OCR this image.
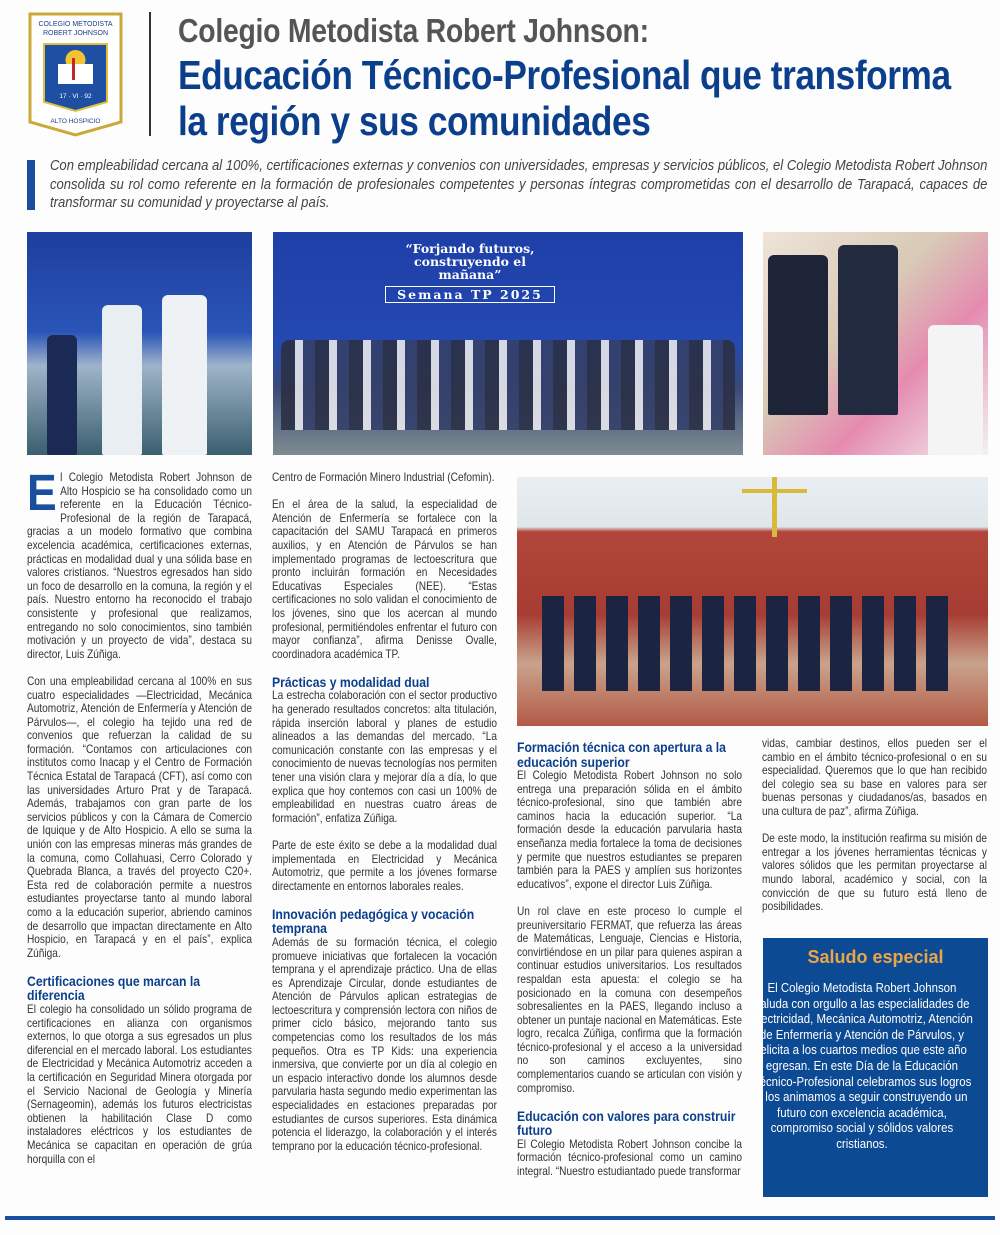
COLEGIO METODISTA
ROBERT JOHNSON
17 · VI · 92
ALTO HOSPICIO
Colegio Metodista Robert Johnson:
Educación Técnico-Profesional que transforma
la región y sus comunidades
Con empleabilidad cercana al 100%, certificaciones externas y convenios con universidades, empresas y servicios públicos, el Colegio Metodista Robert Johnson consolida su rol como referente en la formación de profesionales competentes y personas íntegras comprometidas con el desarrollo de Tarapacá, capaces de transformar su comunidad y proyectarse al país.
“Forjando futuros,
construyendo el mañana”
Semana TP 2025

El Colegio Metodista Robert Johnson de Alto Hospicio se ha consolidado como un referente en la Educación Técnico-Profesional de la región de Tarapacá, gracias a un modelo formativo que combina excelencia académica, certificaciones externas, prácticas en modalidad dual y una sólida base en valores cristianos. “Nuestros egresados han sido un foco de desarrollo en la comuna, la región y el país. Nuestro entorno ha reconocido el trabajo consistente y profesional que realizamos, entregando no solo conocimientos, sino también motivación y un proyecto de vida”, destaca su director, Luis Zúñiga.

Con una empleabilidad cercana al 100% en sus cuatro especialidades —Electricidad, Mecánica Automotriz, Atención de Enfermería y Atención de Párvulos—, el colegio ha tejido una red de convenios que refuerzan la calidad de su formación. “Contamos con articulaciones con institutos como Inacap y el Centro de Formación Técnica Estatal de Tarapacá (CFT), así como con las universidades Arturo Prat y de Tarapacá. Además, trabajamos con gran parte de los servicios públicos y con la Cámara de Comercio de Iquique y de Alto Hospicio. A ello se suma la unión con las empresas mineras más grandes de la comuna, como Collahuasi, Cerro Colorado y Quebrada Blanca, a través del proyecto C20+. Esta red de colaboración permite a nuestros estudiantes proyectarse tanto al mundo laboral como a la educación superior, abriendo caminos de desarrollo que impactan directamente en Alto Hospicio, en Tarapacá y en el país”, explica Zúñiga.

Certificaciones que marcan la diferencia

El colegio ha consolidado un sólido programa de certificaciones en alianza con organismos externos, lo que otorga a sus egresados un plus diferencial en el mercado laboral. Los estudiantes de Electricidad y Mecánica Automotriz acceden a la certificación en Seguridad Minera otorgada por el Servicio Nacional de Geología y Minería (Sernageomin), además los futuros electricistas obtienen la habilitación Clase D como instaladores eléctricos y los estudiantes de Mecánica se capacitan en operación de grúa horquilla con el

Centro de Formación Minero Industrial (Cefomin).

En el área de la salud, la especialidad de Atención de Enfermería se fortalece con la capacitación del SAMU Tarapacá en primeros auxilios, y en Atención de Párvulos se han implementado programas de lectoescritura que pronto incluirán formación en Necesidades Educativas Especiales (NEE). “Estas certificaciones no solo validan el conocimiento de los jóvenes, sino que los acercan al mundo profesional, permitiéndoles enfrentar el futuro con mayor confianza”, afirma Denisse Ovalle, coordinadora académica TP.

Prácticas y modalidad dual

La estrecha colaboración con el sector productivo ha generado resultados concretos: alta titulación, rápida inserción laboral y planes de estudio alineados a las demandas del mercado. “La comunicación constante con las empresas y el conocimiento de nuevas tecnologías nos permiten tener una visión clara y mejorar día a día, lo que explica que hoy contemos con casi un 100% de empleabilidad en nuestras cuatro áreas de formación”, enfatiza Zúñiga.

Parte de este éxito se debe a la modalidad dual implementada en Electricidad y Mecánica Automotriz, que permite a los jóvenes formarse directamente en entornos laborales reales.

Innovación pedagógica y vocación temprana

Además de su formación técnica, el colegio promueve iniciativas que fortalecen la vocación temprana y el aprendizaje práctico. Una de ellas es Aprendizaje Circular, donde estudiantes de Atención de Párvulos aplican estrategias de lectoescritura y comprensión lectora con niños de primer ciclo básico, mejorando tanto sus competencias como los resultados de los más pequeños. Otra es TP Kids: una experiencia inmersiva, que convierte por un día al colegio en un espacio interactivo donde los alumnos desde parvularia hasta segundo medio experimentan las especialidades en estaciones preparadas por estudiantes de cursos superiores. Esta dinámica potencia el liderazgo, la colaboración y el interés temprano por la educación técnico-profesional.

Formación técnica con apertura a la educación superior

El Colegio Metodista Robert Johnson no solo entrega una preparación sólida en el ámbito técnico-profesional, sino que también abre caminos hacia la educación superior. “La formación desde la educación parvularia hasta enseñanza media fortalece la toma de decisiones y permite que nuestros estudiantes se preparen también para la PAES y amplíen sus horizontes educativos”, expone el director Luis Zúñiga.

Un rol clave en este proceso lo cumple el preuniversitario FERMAT, que refuerza las áreas de Matemáticas, Lenguaje, Ciencias e Historia, convirtiéndose en un pilar para quienes aspiran a continuar estudios universitarios. Los resultados respaldan esta apuesta: el colegio se ha posicionado en la comuna con desempeños sobresalientes en la PAES, llegando incluso a obtener un puntaje nacional en Matemáticas. Este logro, recalca Zúñiga, confirma que la formación técnico-profesional y el acceso a la universidad no son caminos excluyentes, sino complementarios cuando se articulan con visión y compromiso.

Educación con valores para construir futuro

El Colegio Metodista Robert Johnson concibe la formación técnico-profesional como un camino integral. “Nuestro estudiantado puede transformar

vidas, cambiar destinos, ellos pueden ser el cambio en el ámbito técnico-profesional o en su especialidad. Queremos que lo que han recibido del colegio sea su base en valores para ser buenas personas y ciudadanos/as, basados en una cultura de paz”, afirma Zúñiga.

De este modo, la institución reafirma su misión de entregar a los jóvenes herramientas técnicas y valores sólidos que les permitan proyectarse al mundo laboral, académico y social, con la convicción de que su futuro está lleno de posibilidades.

Saludo especial
El Colegio Metodista Robert Johnson saluda con orgullo a las especialidades de Electricidad, Mecánica Automotriz, Atención de Enfermería y Atención de Párvulos, y felicita a los cuartos medios que este año egresan. En este Día de la Educación Técnico-Profesional celebramos sus logros y los animamos a seguir construyendo un futuro con excelencia académica, compromiso social y sólidos valores cristianos.
